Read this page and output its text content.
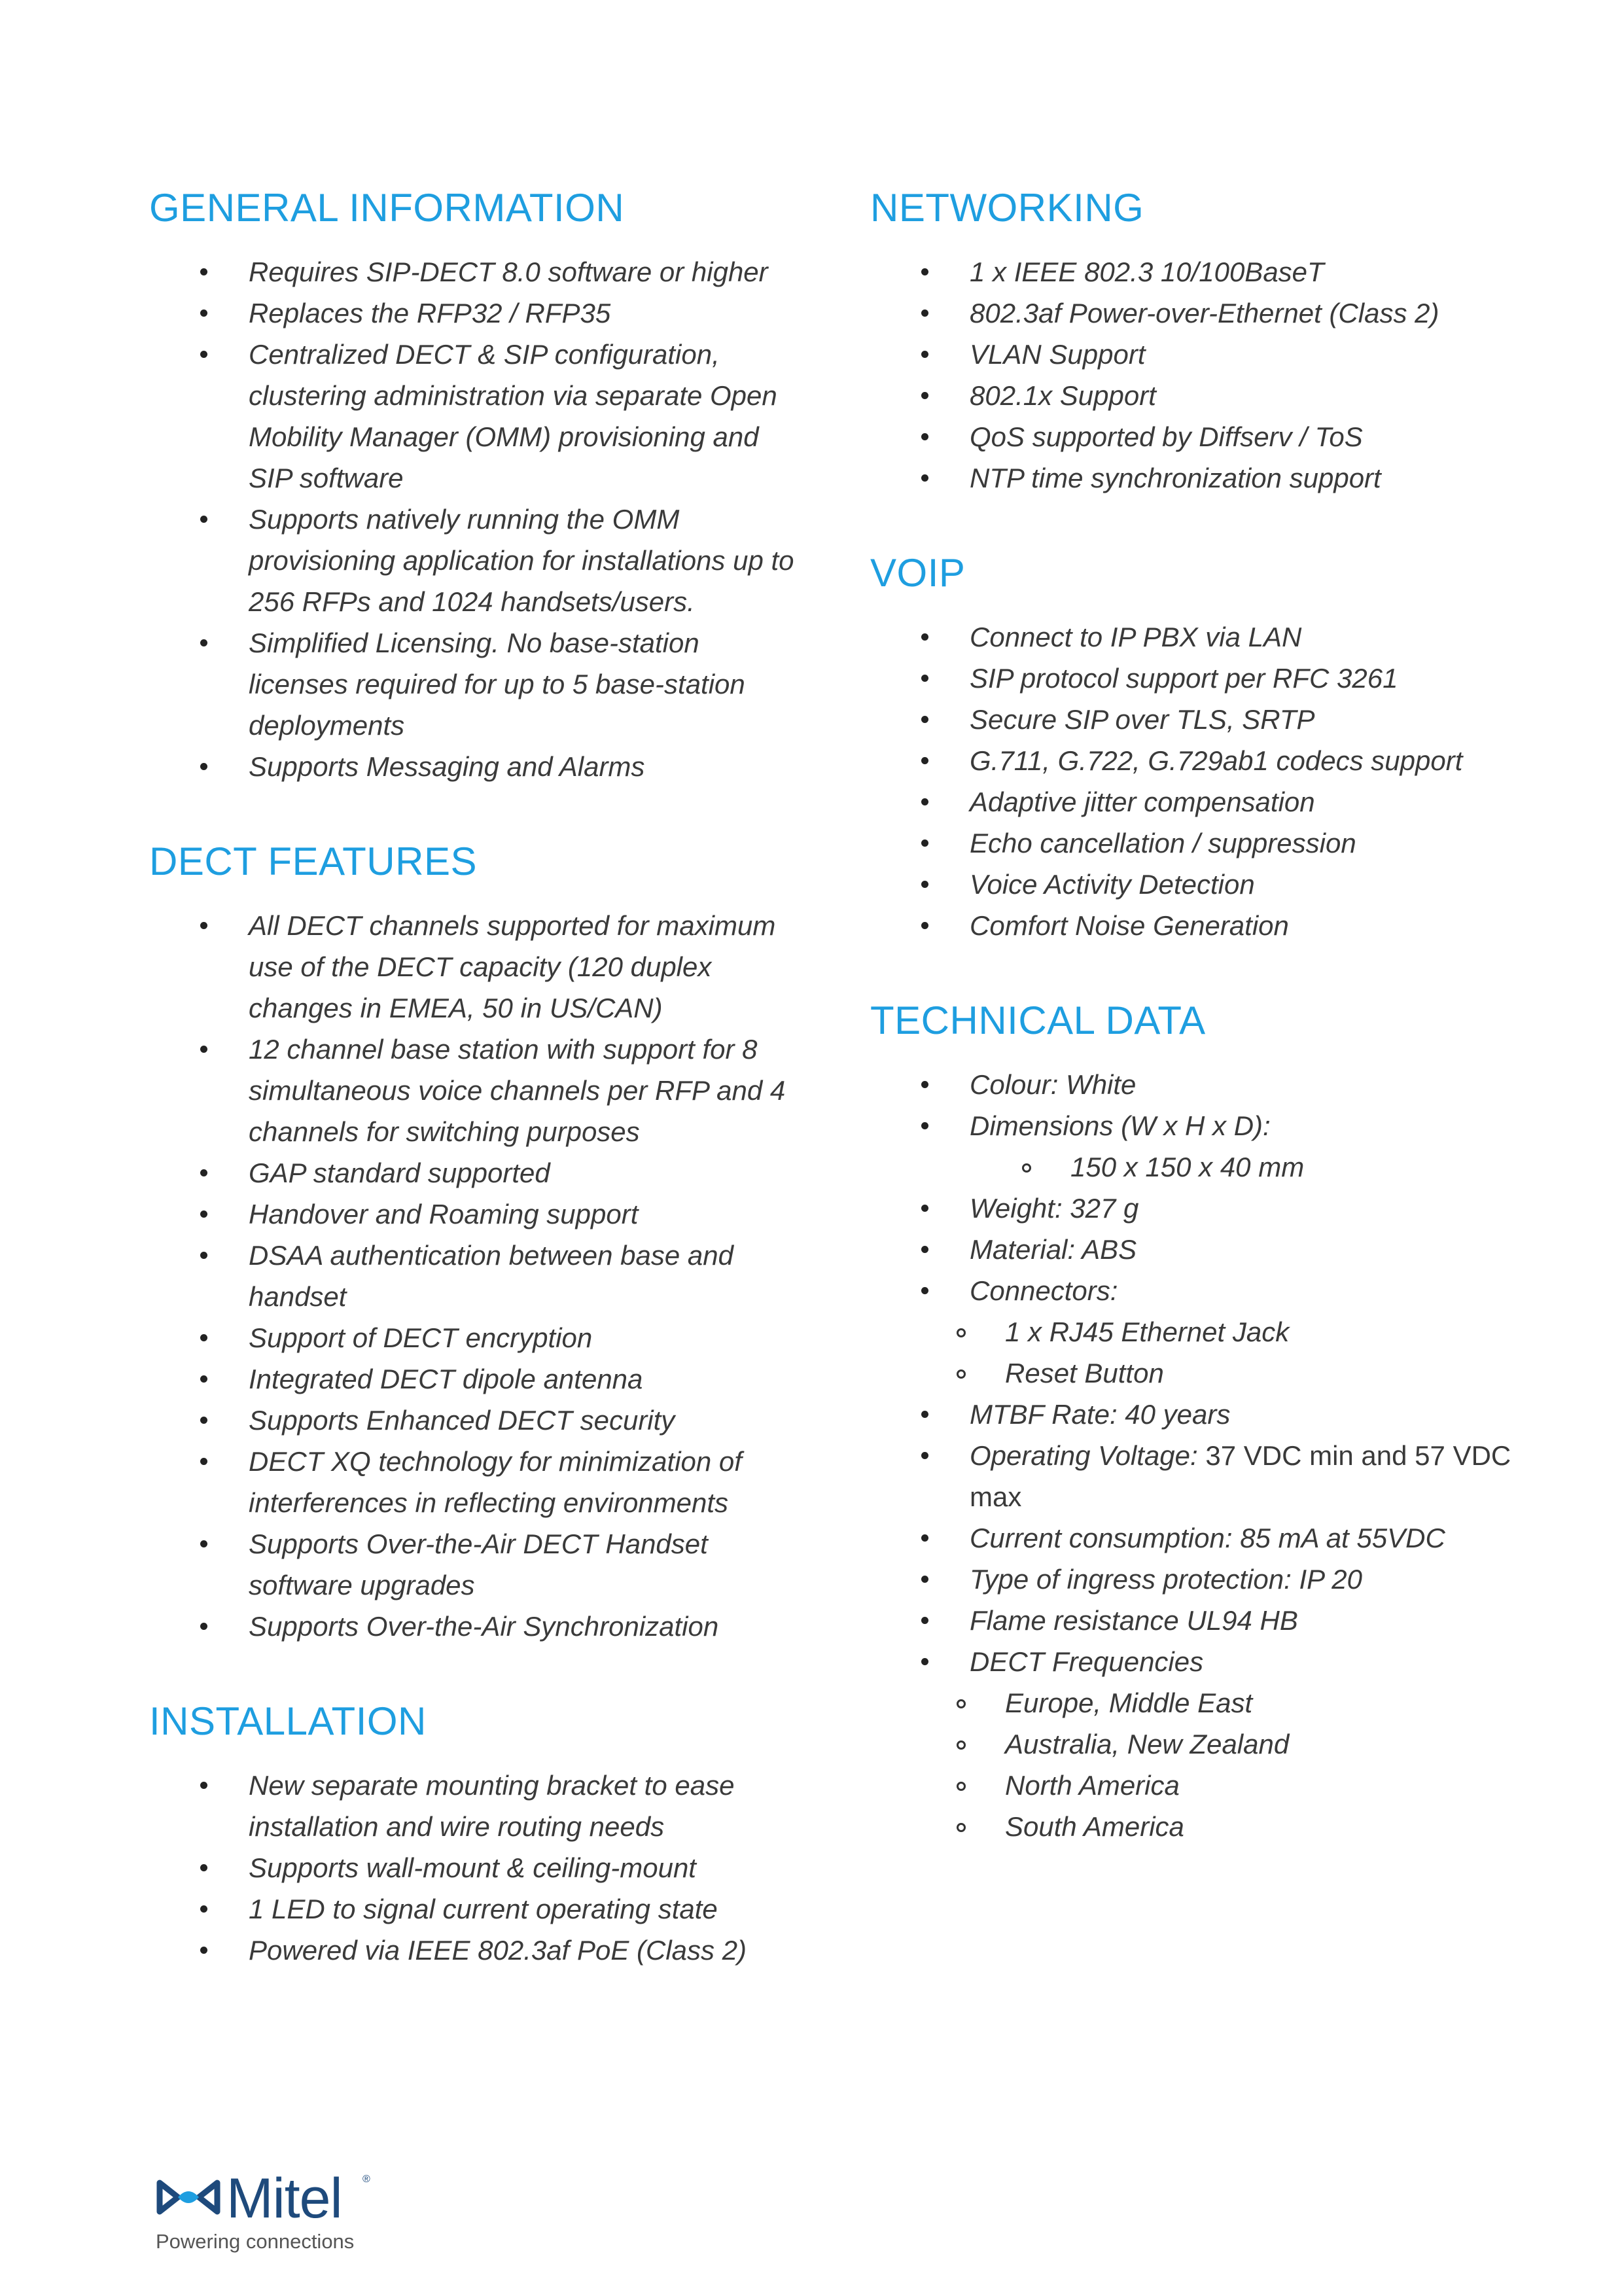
GENERAL INFORMATION
Requires SIP-DECT 8.0 software or higher
Replaces the RFP32 / RFP35
Centralized DECT & SIP configuration, clustering administration via separate Open Mobility Manager (OMM) provisioning and SIP software
Supports natively running the OMM provisioning application for installations up to 256 RFPs and 1024 handsets/users.
Simplified Licensing. No base-station licenses required for up to 5 base-station deployments
Supports Messaging and Alarms
DECT FEATURES
All DECT channels supported for maximum use of the DECT capacity (120 duplex changes in EMEA, 50 in US/CAN)
12 channel base station with support for 8 simultaneous voice channels per RFP and 4 channels for switching purposes
GAP standard supported
Handover and Roaming support
DSAA authentication between base and handset
Support of DECT encryption
Integrated DECT dipole antenna
Supports Enhanced DECT security
DECT XQ technology for minimization of interferences in reflecting environments
Supports Over-the-Air DECT Handset software upgrades
Supports Over-the-Air Synchronization
INSTALLATION
New separate mounting bracket to ease installation and wire routing needs
Supports wall-mount & ceiling-mount
1 LED to signal current operating state
Powered via IEEE 802.3af PoE (Class 2)
NETWORKING
1 x IEEE 802.3 10/100BaseT
802.3af Power-over-Ethernet (Class 2)
VLAN Support
802.1x Support
QoS supported by Diffserv / ToS
NTP time synchronization support
VOIP
Connect to IP PBX via LAN
SIP protocol support per RFC 3261
Secure SIP over TLS, SRTP
G.711, G.722, G.729ab1 codecs support
Adaptive jitter compensation
Echo cancellation / suppression
Voice Activity Detection
Comfort Noise Generation
TECHNICAL DATA
Colour: White
Dimensions (W x H x D):
150 x 150 x 40 mm
Weight: 327 g
Material: ABS
Connectors:
1 x RJ45 Ethernet Jack
Reset Button
MTBF Rate: 40 years
Operating Voltage: 37 VDC min and 57 VDC max
Current consumption: 85 mA at 55VDC
Type of ingress protection: IP 20
Flame resistance UL94 HB
DECT Frequencies
Europe, Middle East
Australia, New Zealand
North America
South America
Mitel ®
Powering connections
